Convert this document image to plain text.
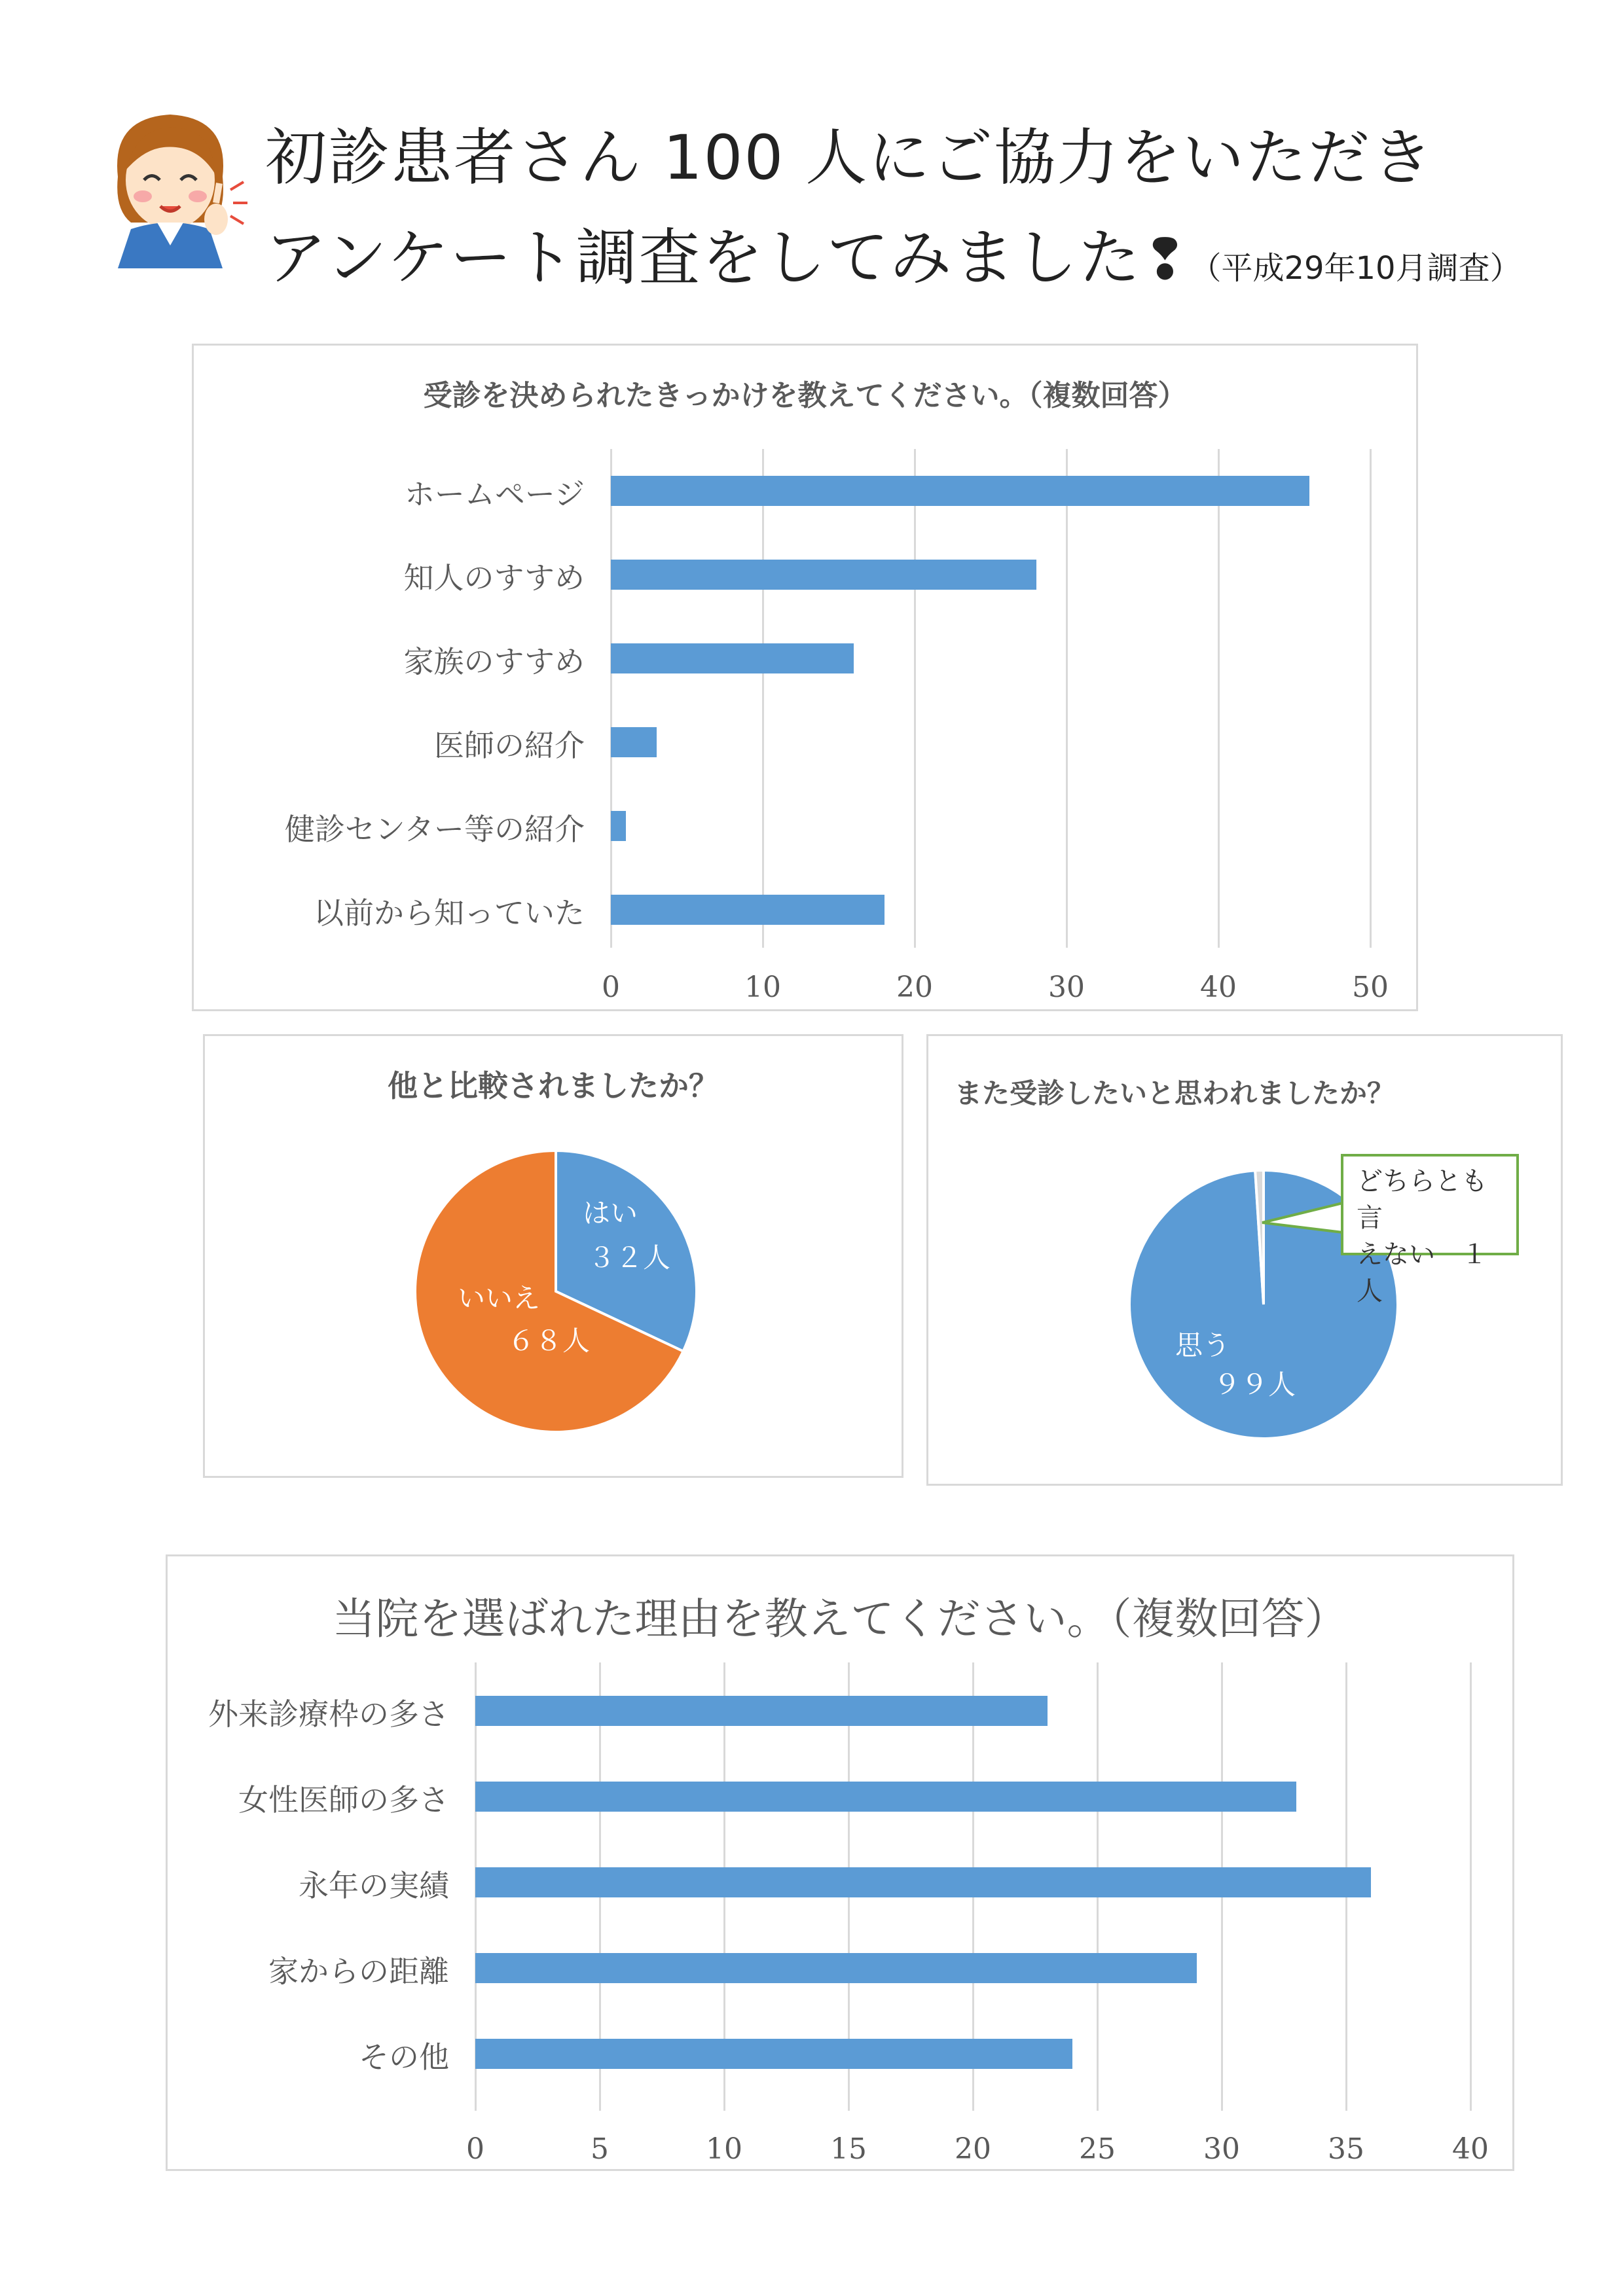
初診患者さん 100 人にご協力をいただき
アンケート調査をしてみました❢（平成29年10月調査）
受診を決められたきっかけを教えてください。（複数回答）
0	10	20	30	40	50
ホームページ
知人のすすめ
家族のすすめ
医師の紹介
健診センター等の紹介
以前から知っていた
他と比較されましたか？
はい
３２人
いいえ
６８人
また受診したいと思われましたか？
思う
９９人
どちらとも言
えない　１人
当院を選ばれた理由を教えてください。（複数回答）
0	5	10	15	20	25	30	35	40
外来診療枠の多さ
女性医師の多さ
永年の実績
家からの距離
その他
